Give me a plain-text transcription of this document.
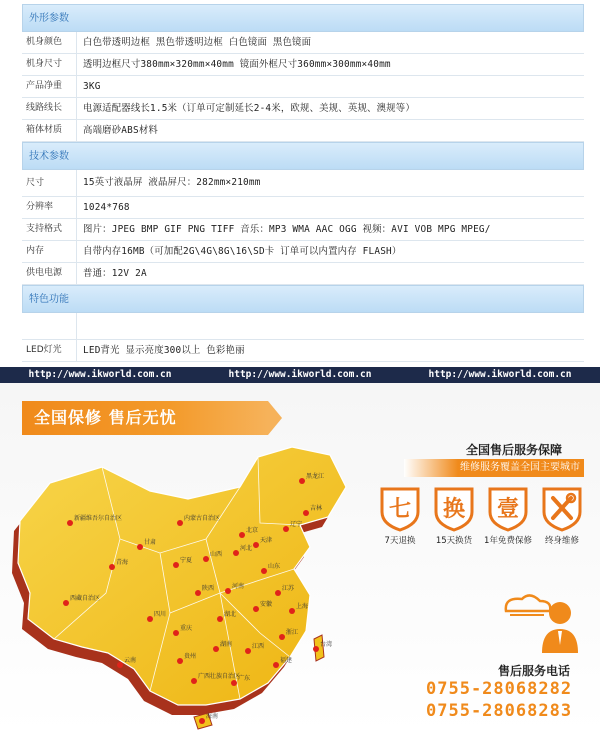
外形参数
机身颜色	白色带透明边框 黑色带透明边框 白色镜面 黑色镜面
机身尺寸	透明边框尺寸380mm×320mm×40mm 镜面外框尺寸360mm×300mm×40mm
产品净重	3KG
线路线长	电源适配器线长1.5米（订单可定制延长2-4米，欧规、美规、英规、澳规等）
箱体材质	高端磨砂ABS材料
技术参数
尺寸	15英寸液晶屏 液晶屏尺：282mm×210mm
分辨率	1024*768
支持格式	图片：JPEG BMP GIF PNG TIFF 音乐：MP3 WMA AAC OGG 视频：AVI VOB MPG MPEG/
内存	自带内存16MB（可加配2G\4G\8G\16\SD卡 订单可以内置内存 FLASH）
供电电源	普通：12V 2A
特色功能
LED灯光	LED背光 显示亮度300以上 色彩艳丽
http://www.ikworld.com.cn	http://www.ikworld.com.cn	http://www.ikworld.com.cn
全国保修 售后无忧
新疆维吾尔自治区
西藏自治区
青海
内蒙古自治区
黑龙江
吉林
辽宁
北京
天津
河北
山西
山东
甘肃
宁夏
陕西	河南	江苏
安徽	上海
湖北
四川
重庆
浙江
湖南	江西
福建
贵州
云南
广西壮族自治区
广东
台湾
海南
全国售后服务保障
维修服务覆盖全国主要城市
七
7天退换
换
15天换货
壹
1年免费保修	终身维修
售后服务电话
0755-28068282
0755-28068283
